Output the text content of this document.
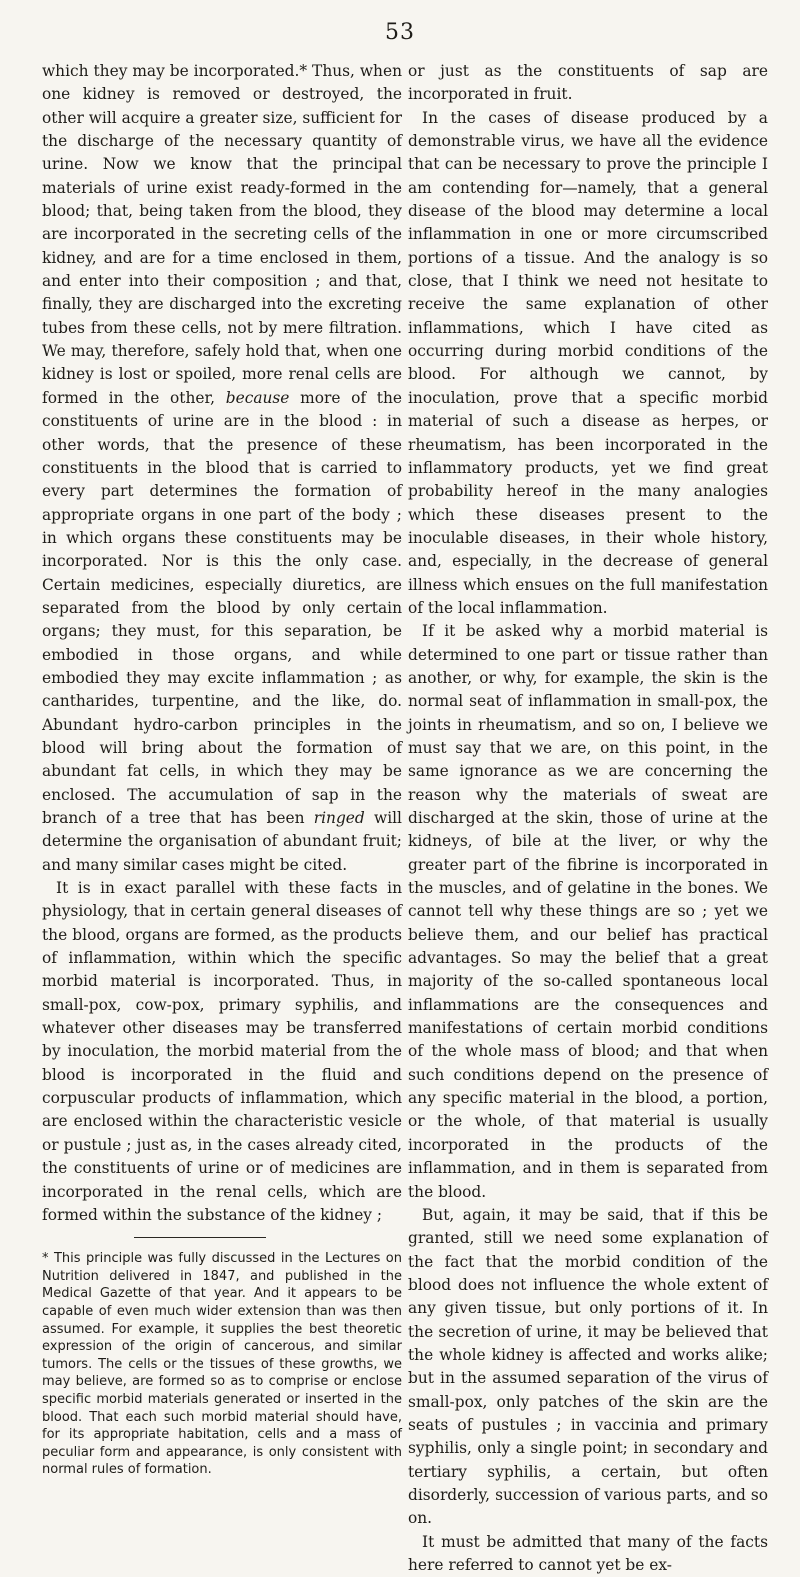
53

which they may be incorporated.* Thus, when one kidney is removed or destroyed, the other will acquire a greater size, sufficient for the discharge of the necessary quantity of urine. Now we know that the principal materials of urine exist ready-formed in the blood; that, being taken from the blood, they are incorporated in the secreting cells of the kidney, and are for a time enclosed in them, and enter into their composition ; and that, finally, they are discharged into the excreting tubes from these cells, not by mere filtration. We may, therefore, safely hold that, when one kidney is lost or spoiled, more renal cells are formed in the other, because more of the constituents of urine are in the blood : in other words, that the presence of these constituents in the blood that is carried to every part determines the formation of appropriate organs in one part of the body ; in which organs these constituents may be incorporated. Nor is this the only case. Certain medicines, especially diuretics, are separated from the blood by only certain organs; they must, for this separation, be embodied in those organs, and while embodied they may excite inflammation ; as cantharides, turpentine, and the like, do. Abundant hydro-carbon principles in the blood will bring about the formation of abundant fat cells, in which they may be enclosed. The accumulation of sap in the branch of a tree that has been ringed will determine the organisation of abundant fruit; and many similar cases might be cited.

It is in exact parallel with these facts in physiology, that in certain general diseases of the blood, organs are formed, as the products of inflammation, within which the specific morbid material is incorporated. Thus, in small-pox, cow-pox, primary syphilis, and whatever other diseases may be transferred by inoculation, the morbid material from the blood is incorporated in the fluid and corpuscular products of inflammation, which are enclosed within the characteristic vesicle or pustule ; just as, in the cases already cited, the constituents of urine or of medicines are incorporated in the renal cells, which are formed within the substance of the kidney ;

* This principle was fully discussed in the Lectures on Nutrition delivered in 1847, and published in the Medical Gazette of that year. And it appears to be capable of even much wider extension than was then assumed. For example, it supplies the best theoretic expression of the origin of cancerous, and similar tumors. The cells or the tissues of these growths, we may believe, are formed so as to comprise or enclose specific morbid materials generated or inserted in the blood. That each such morbid material should have, for its appropriate habitation, cells and a mass of peculiar form and appearance, is only consistent with normal rules of formation.

or just as the constituents of sap are incorporated in fruit.

In the cases of disease produced by a demonstrable virus, we have all the evidence that can be necessary to prove the principle I am contending for—namely, that a general disease of the blood may determine a local inflammation in one or more circumscribed portions of a tissue. And the analogy is so close, that I think we need not hesitate to receive the same explanation of other inflammations, which I have cited as occurring during morbid conditions of the blood. For although we cannot, by inoculation, prove that a specific morbid material of such a disease as herpes, or rheumatism, has been incorporated in the inflammatory products, yet we find great probability hereof in the many analogies which these diseases present to the inoculable diseases, in their whole history, and, especially, in the decrease of general illness which ensues on the full manifestation of the local inflammation.

If it be asked why a morbid material is determined to one part or tissue rather than another, or why, for example, the skin is the normal seat of inflammation in small-pox, the joints in rheumatism, and so on, I believe we must say that we are, on this point, in the same ignorance as we are concerning the reason why the materials of sweat are discharged at the skin, those of urine at the kidneys, of bile at the liver, or why the greater part of the fibrine is incorporated in the muscles, and of gelatine in the bones. We cannot tell why these things are so ; yet we believe them, and our belief has practical advantages. So may the belief that a great majority of the so-called spontaneous local inflammations are the consequences and manifestations of certain morbid conditions of the whole mass of blood; and that when such conditions depend on the presence of any specific material in the blood, a portion, or the whole, of that material is usually incorporated in the products of the inflammation, and in them is separated from the blood.

But, again, it may be said, that if this be granted, still we need some explanation of the fact that the morbid condition of the blood does not influence the whole extent of any given tissue, but only portions of it. In the secretion of urine, it may be believed that the whole kidney is affected and works alike; but in the assumed separation of the virus of small-pox, only patches of the skin are the seats of pustules ; in vaccinia and primary syphilis, only a single point; in secondary and tertiary syphilis, a certain, but often disorderly, succession of various parts, and so on.

It must be admitted that many of the facts here referred to cannot yet be ex-
